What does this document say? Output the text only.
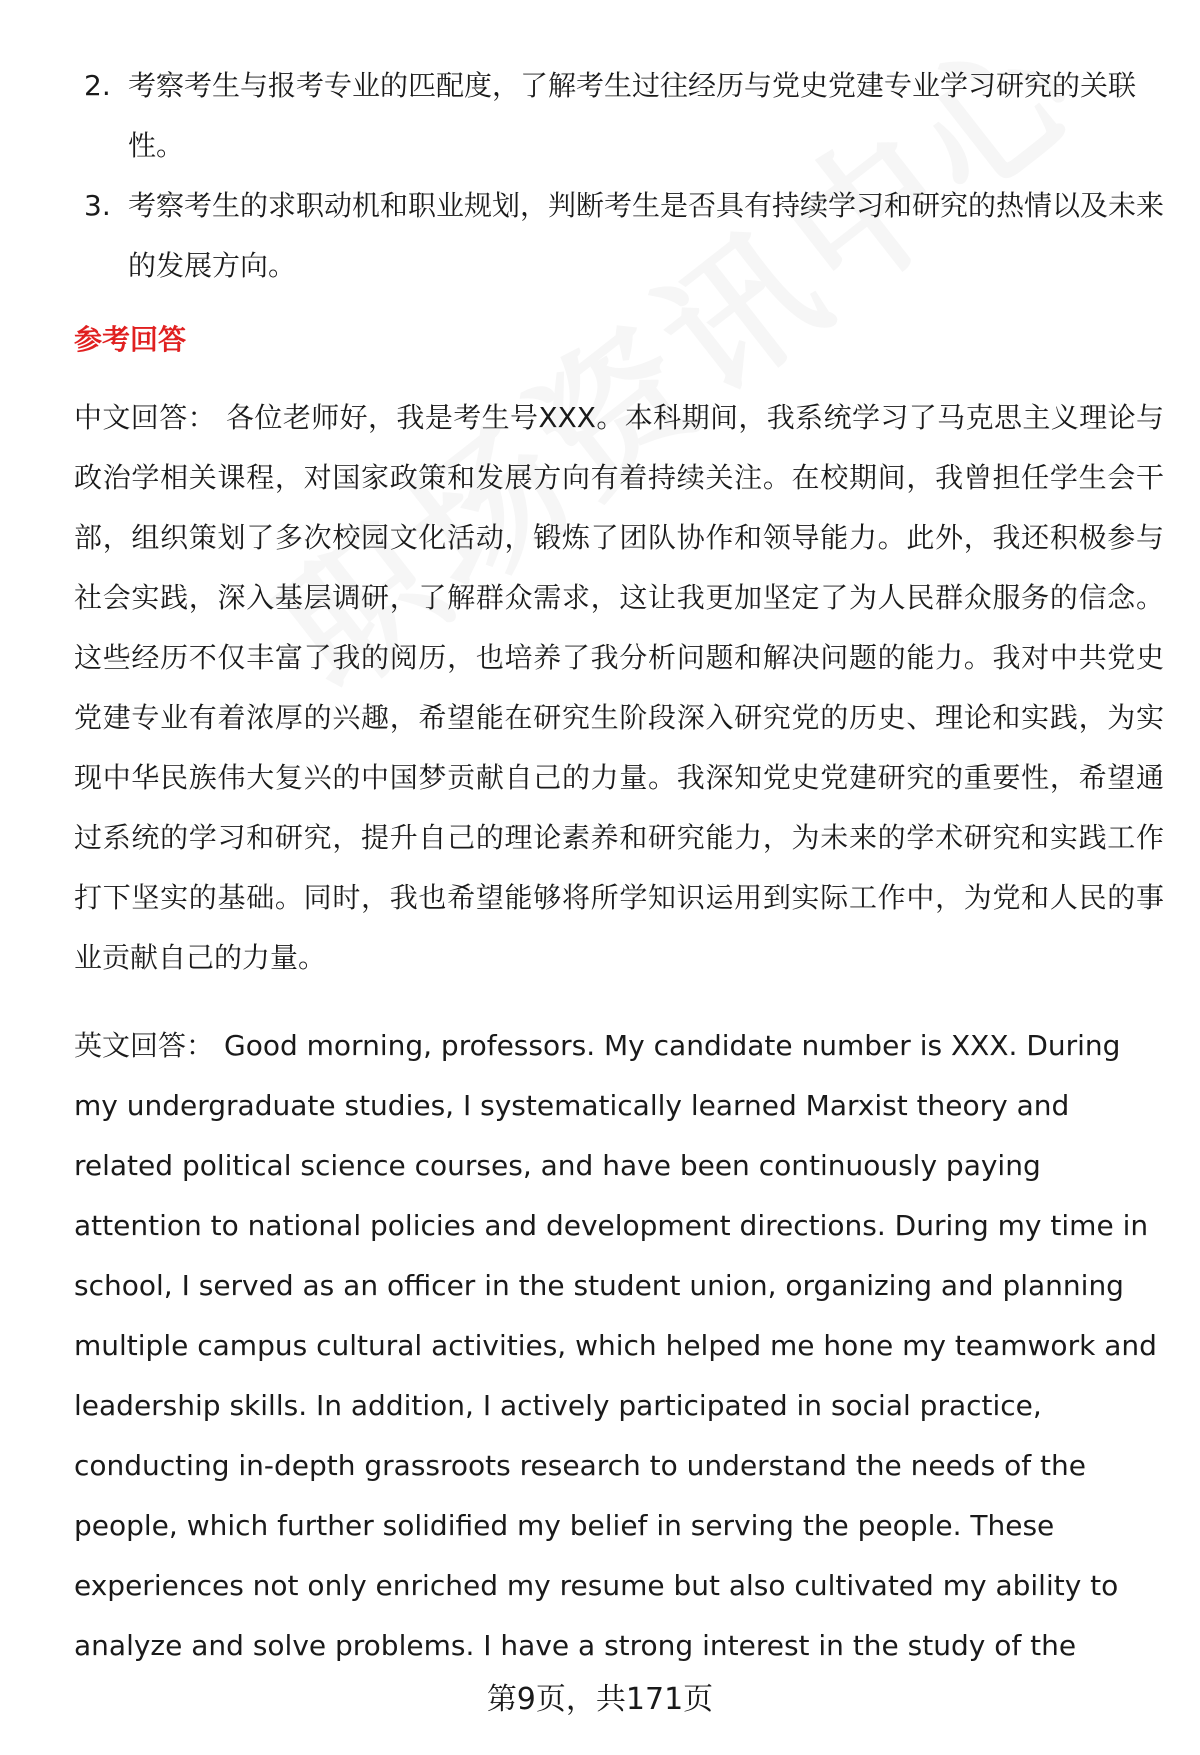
2. 考察考生与报考专业的匹配度，了解考生过往经历与党史党建专业学习研究的关联性。
3. 考察考生的求职动机和职业规划，判断考生是否具有持续学习和研究的热情以及未来的发展方向。
参考回答

中文回答： 各位老师好，我是考生号XXX。本科期间，我系统学习了马克思主义理论与政治学相关课程，对国家政策和发展方向有着持续关注。在校期间，我曾担任学生会干部，组织策划了多次校园文化活动，锻炼了团队协作和领导能力。此外，我还积极参与社会实践，深入基层调研，了解群众需求，这让我更加坚定了为人民群众服务的信念。这些经历不仅丰富了我的阅历，也培养了我分析问题和解决问题的能力。我对中共党史党建专业有着浓厚的兴趣，希望能在研究生阶段深入研究党的历史、理论和实践，为实现中华民族伟大复兴的中国梦贡献自己的力量。我深知党史党建研究的重要性，希望通过系统的学习和研究，提升自己的理论素养和研究能力，为未来的学术研究和实践工作打下坚实的基础。同时，我也希望能够将所学知识运用到实际工作中，为党和人民的事业贡献自己的力量。

英文回答： Good morning, professors. My candidate number is XXX. During my undergraduate studies, I systematically learned Marxist theory and related political science courses, and have been continuously paying attention to national policies and development directions. During my time in school, I served as an officer in the student union, organizing and planning multiple campus cultural activities, which helped me hone my teamwork and leadership skills. In addition, I actively participated in social practice, conducting in-depth grassroots research to understand the needs of the people, which further solidified my belief in serving the people. These experiences not only enriched my resume but also cultivated my ability to analyze and solve problems. I have a strong interest in the study of the

第9页，共171页
